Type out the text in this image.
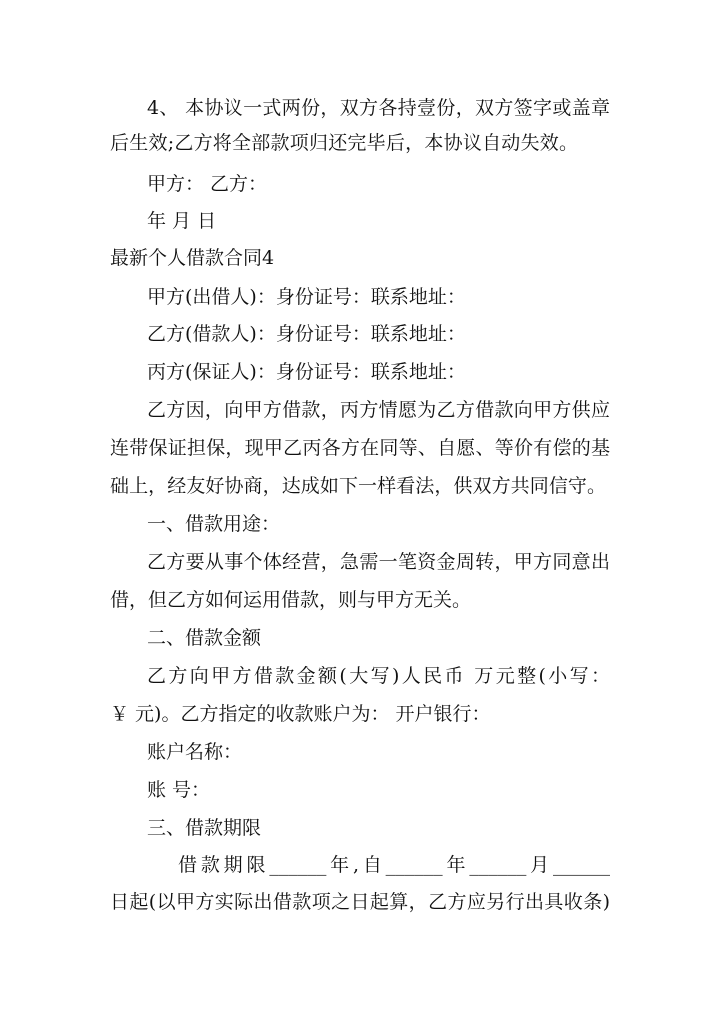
4、 本协议一式两份，双方各持壹份，双方签字或盖章
后生效;乙方将全部款项归还完毕后，本协议自动失效。
甲方： 乙方：
年 月 日
最新个人借款合同4
甲方(出借人)：身份证号：联系地址：
乙方(借款人)：身份证号：联系地址：
丙方(保证人)：身份证号：联系地址：
乙方因，向甲方借款，丙方情愿为乙方借款向甲方供应
连带保证担保，现甲乙丙各方在同等、自愿、等价有偿的基
础上，经友好协商，达成如下一样看法，供双方共同信守。
一、借款用途：
乙方要从事个体经营，急需一笔资金周转，甲方同意出
借，但乙方如何运用借款，则与甲方无关。
二、借款金额
乙方向甲方借款金额(大写)人民币 万元整(小写：
￥ 元)。乙方指定的收款账户为： 开户银行：
账户名称：
账 号：
三、借款期限
借款期限______年,自______年______月______
日起(以甲方实际出借款项之日起算，乙方应另行出具收条)
